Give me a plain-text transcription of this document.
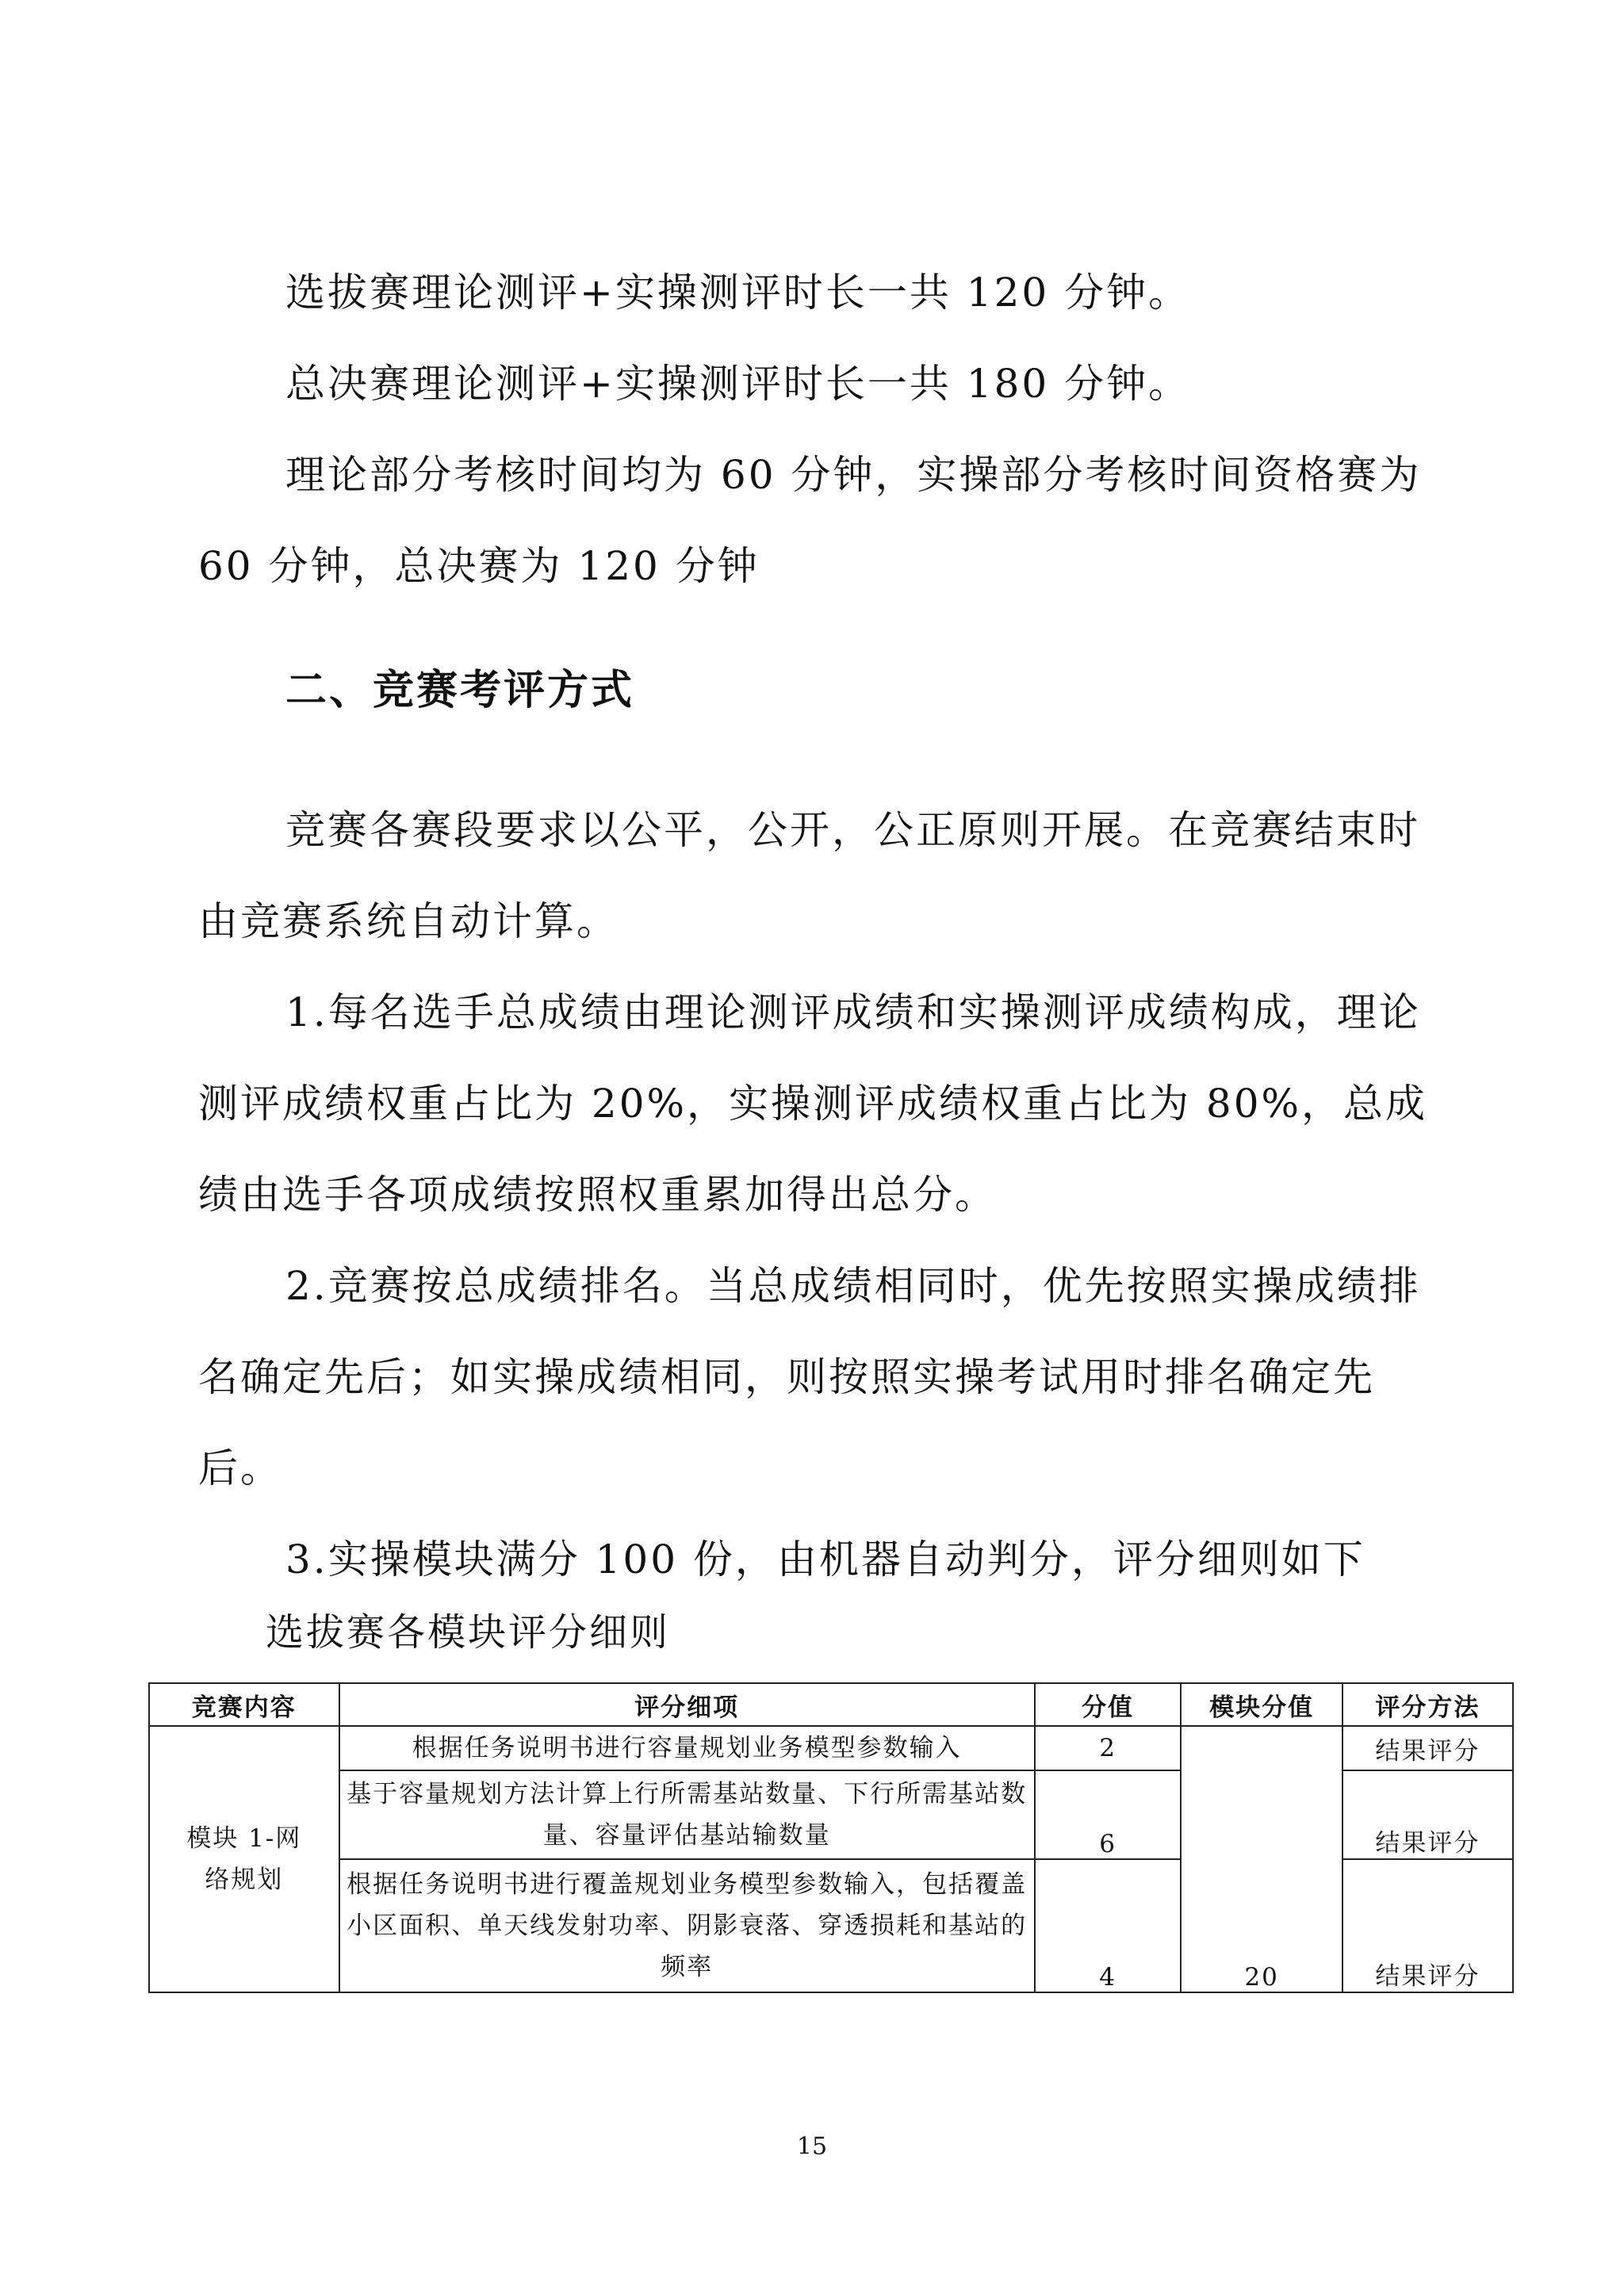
选拔赛理论测评+实操测评时长一共 120 分钟。

总决赛理论测评+实操测评时长一共 180 分钟。

理论部分考核时间均为 60 分钟，实操部分考核时间资格赛为 60 分钟，总决赛为 120 分钟

二、竞赛考评方式

竞赛各赛段要求以公平，公开，公正原则开展。在竞赛结束时由竞赛系统自动计算。

1.每名选手总成绩由理论测评成绩和实操测评成绩构成，理论测评成绩权重占比为 20%，实操测评成绩权重占比为 80%，总成绩由选手各项成绩按照权重累加得出总分。

2.竞赛按总成绩排名。当总成绩相同时，优先按照实操成绩排名确定先后；如实操成绩相同，则按照实操考试用时排名确定先后。

3.实操模块满分 100 份，由机器自动判分，评分细则如下

选拔赛各模块评分细则

竞赛内容	评分细项	分值	模块分值	评分方法
模块 1-网络规划	根据任务说明书进行容量规划业务模型参数输入	2	20	结果评分
	基于容量规划方法计算上行所需基站数量、下行所需基站数量、容量评估基站输数量	6		结果评分
	根据任务说明书进行覆盖规划业务模型参数输入，包括覆盖小区面积、单天线发射功率、阴影衰落、穿透损耗和基站的频率	4		结果评分

15
